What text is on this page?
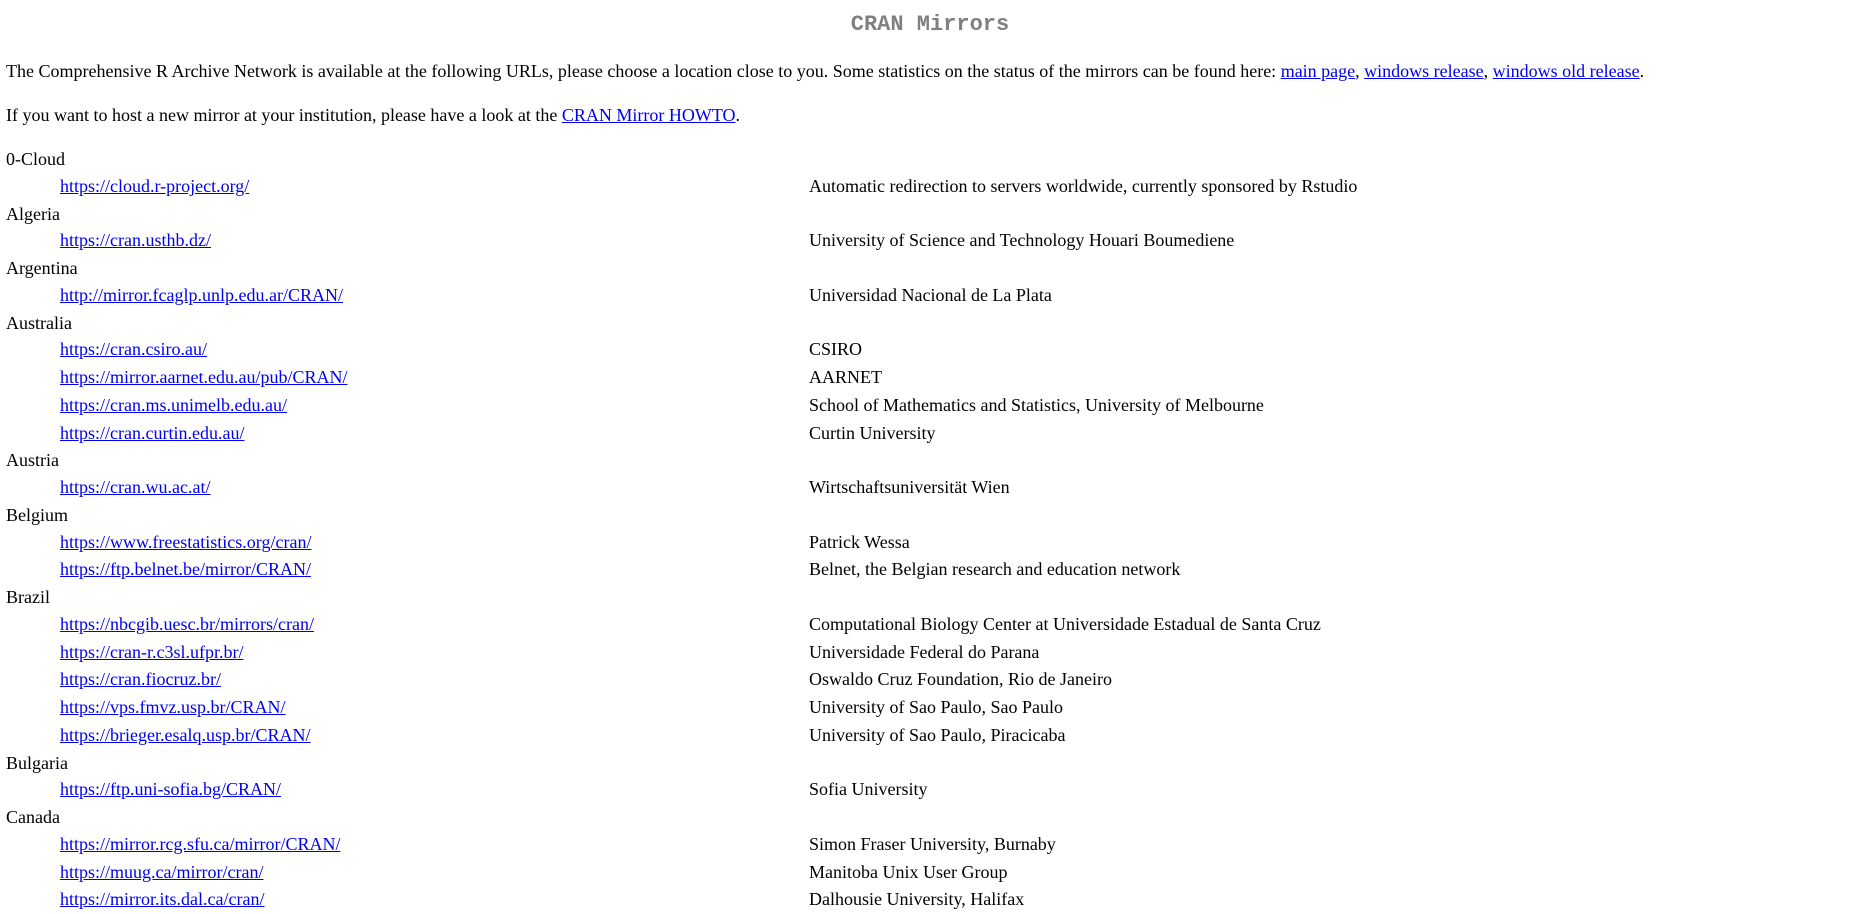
CRAN Mirrors

The Comprehensive R Archive Network is available at the following URLs, please choose a location close to you. Some statistics on the status of the mirrors can be found here: main page, windows release, windows old release.

If you want to host a new mirror at your institution, please have a look at the CRAN Mirror HOWTO.

0-Cloud
https://cloud.r-project.org/	Automatic redirection to servers worldwide, currently sponsored by Rstudio
Algeria
https://cran.usthb.dz/	University of Science and Technology Houari Boumediene
Argentina
http://mirror.fcaglp.unlp.edu.ar/CRAN/	Universidad Nacional de La Plata
Australia
https://cran.csiro.au/	CSIRO
https://mirror.aarnet.edu.au/pub/CRAN/	AARNET
https://cran.ms.unimelb.edu.au/	School of Mathematics and Statistics, University of Melbourne
https://cran.curtin.edu.au/	Curtin University
Austria
https://cran.wu.ac.at/	Wirtschaftsuniversität Wien
Belgium
https://www.freestatistics.org/cran/	Patrick Wessa
https://ftp.belnet.be/mirror/CRAN/	Belnet, the Belgian research and education network
Brazil
https://nbcgib.uesc.br/mirrors/cran/	Computational Biology Center at Universidade Estadual de Santa Cruz
https://cran-r.c3sl.ufpr.br/	Universidade Federal do Parana
https://cran.fiocruz.br/	Oswaldo Cruz Foundation, Rio de Janeiro
https://vps.fmvz.usp.br/CRAN/	University of Sao Paulo, Sao Paulo
https://brieger.esalq.usp.br/CRAN/	University of Sao Paulo, Piracicaba
Bulgaria
https://ftp.uni-sofia.bg/CRAN/	Sofia University
Canada
https://mirror.rcg.sfu.ca/mirror/CRAN/	Simon Fraser University, Burnaby
https://muug.ca/mirror/cran/	Manitoba Unix User Group
https://mirror.its.dal.ca/cran/	Dalhousie University, Halifax
